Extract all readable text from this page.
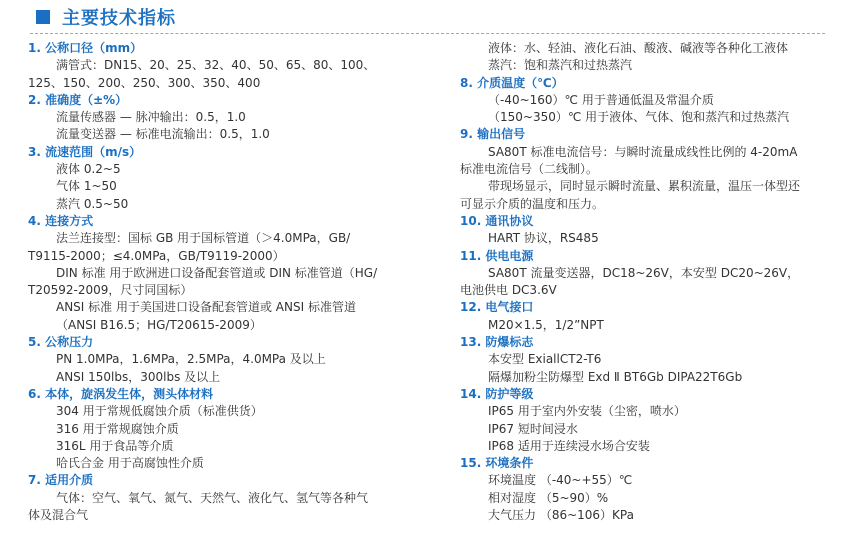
主要技术指标
1. 公称口径（mm）
满管式：DN15、20、25、32、40、50、65、80、100、
125、150、200、250、300、350、400
2. 准确度（±%）
流量传感器 — 脉冲输出：0.5，1.0
流量变送器 — 标准电流输出：0.5，1.0
3. 流速范围（m/s）
液体 0.2~5
气体 1~50
蒸汽 0.5~50
4. 连接方式
法兰连接型：国标 GB 用于国标管道（＞4.0MPa，GB/
T9115-2000；≤4.0MPa，GB/T9119-2000）
DIN 标准 用于欧洲进口设备配套管道或 DIN 标准管道（HG/
T20592-2009，尺寸同国标）
ANSI 标准 用于美国进口设备配套管道或 ANSI 标准管道
（ANSI B16.5；HG/T20615-2009）
5. 公称压力
PN 1.0MPa，1.6MPa，2.5MPa，4.0MPa 及以上
ANSI 150lbs，300lbs 及以上
6. 本体，旋涡发生体，测头体材料
304 用于常规低腐蚀介质（标准供货）
316 用于常规腐蚀介质
316L 用于食品等介质
哈氏合金 用于高腐蚀性介质
7. 适用介质
气体：空气、氧气、氮气、天然气、液化气、氢气等各种气
体及混合气
液体：水、轻油、液化石油、酸液、碱液等各种化工液体
蒸汽：饱和蒸汽和过热蒸汽
8. 介质温度（℃）
（-40~160）℃ 用于普通低温及常温介质
（150~350）℃ 用于液体、气体、饱和蒸汽和过热蒸汽
9. 输出信号
SA80T 标准电流信号：与瞬时流量成线性比例的 4-20mA
标准电流信号（二线制）。
带现场显示，同时显示瞬时流量、累积流量，温压一体型还
可显示介质的温度和压力。
10. 通讯协议
HART 协议，RS485
11. 供电电源
SA80T 流量变送器，DC18~26V，本安型 DC20~26V，
电池供电 DC3.6V
12. 电气接口
M20×1.5，1/2”NPT
13. 防爆标志
本安型 ExiallCT2-T6
隔爆加粉尘防爆型 Exd Ⅱ BT6Gb DIPA22T6Gb
14. 防护等级
IP65 用于室内外安装（尘密，喷水）
IP67 短时间浸水
IP68 适用于连续浸水场合安装
15. 环境条件
环境温度 （-40~+55）℃
相对湿度 （5~90）%
大气压力 （86~106）KPa
